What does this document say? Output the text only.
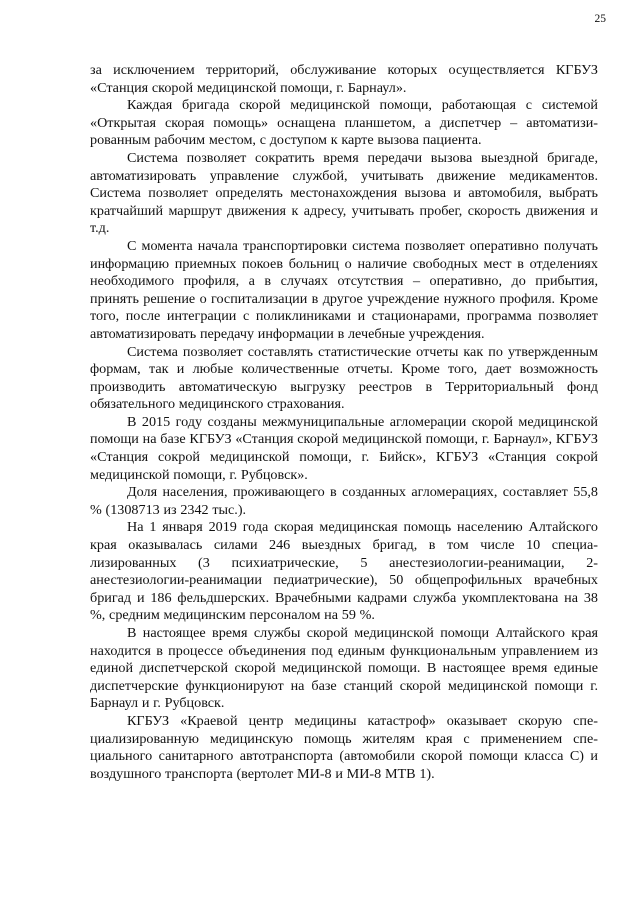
25

за исключением территорий, обслуживание которых осуществляется КГБУЗ «Станция скорой медицинской помощи, г. Барнаул».

Каждая бригада скорой медицинской помощи, работающая с системой «Открытая скорая помощь» оснащена планшетом, а диспетчер – автоматизированным рабочим местом, с доступом к карте вызова пациента.

Система позволяет сократить время передачи вызова выездной бригаде, автоматизировать управление службой, учитывать движение медикаментов. Система позволяет определять местонахождения вызова и автомобиля, выбрать кратчайший маршрут движения к адресу, учитывать пробег, скорость движения и т.д.

С момента начала транспортировки система позволяет оперативно получать информацию приемных покоев больниц о наличие свободных мест в отделениях необходимого профиля, а в случаях отсутствия – оперативно, до прибытия, принять решение о госпитализации в другое учреждение нужного профиля. Кроме того, после интеграции с поликлиниками и стационарами, программа позволяет автоматизировать передачу информации в лечебные учреждения.

Система позволяет составлять статистические отчеты как по утвержденным формам, так и любые количественные отчеты. Кроме того, дает возможность производить автоматическую выгрузку реестров в Территориальный фонд обязательного медицинского страхования.

В 2015 году созданы межмуниципальные агломерации скорой медицинской помощи на базе КГБУЗ «Станция скорой медицинской помощи, г. Барнаул», КГБУЗ «Станция сокрой медицинской помощи, г. Бийск», КГБУЗ «Станция сокрой медицинской помощи, г. Рубцовск».

Доля населения, проживающего в созданных агломерациях, составляет 55,8 % (1308713 из 2342 тыс.).

На 1 января 2019 года скорая медицинская помощь населению Алтайского края оказывалась силами 246 выездных бригад, в том числе 10 специализированных (3 психиатрические, 5 анестезиологии-реанимации, 2-анестезиологии-реанимации педиатрические), 50 общепрофильных врачебных бригад и 186 фельдшерских. Врачебными кадрами служба укомплектована на 38 %, средним медицинским персоналом на 59 %.

В настоящее время службы скорой медицинской помощи Алтайского края находится в процессе объединения под единым функциональным управлением из единой диспетчерской скорой медицинской помощи. В настоящее время единые диспетчерские функционируют на базе станций скорой медицинской помощи г. Барнаул и г. Рубцовск.

КГБУЗ «Краевой центр медицины катастроф» оказывает скорую специализированную медицинскую помощь жителям края с применением специального санитарного автотранспорта (автомобили скорой помощи класса С) и воздушного транспорта (вертолет МИ-8 и МИ-8 МТВ 1).
